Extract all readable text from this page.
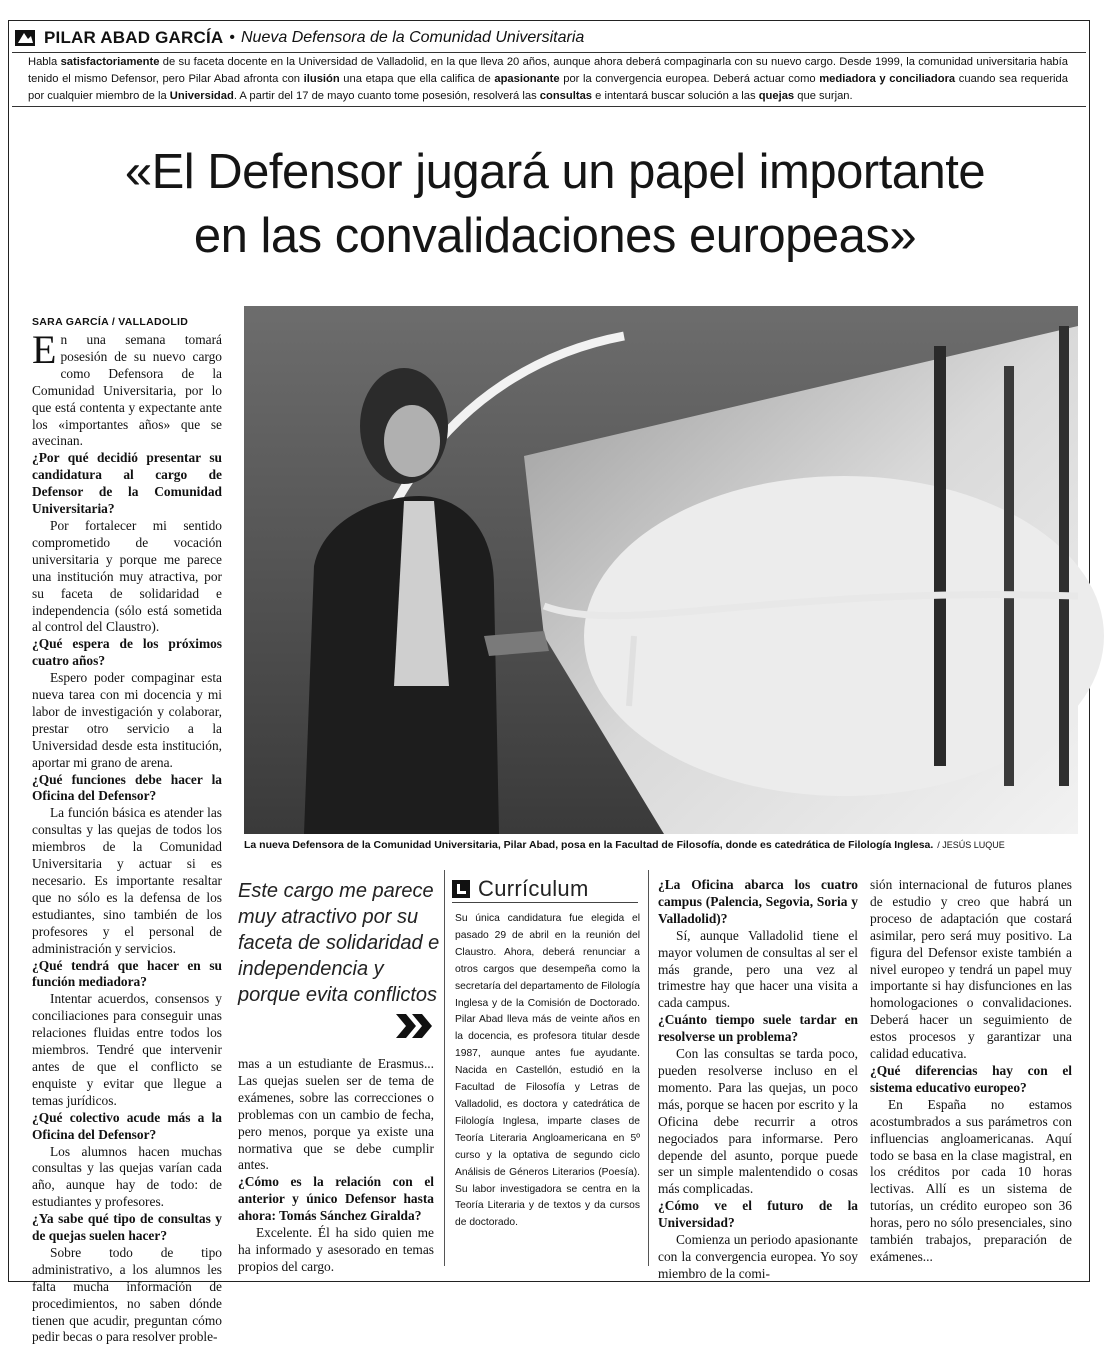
PILAR ABAD GARCÍA • Nueva Defensora de la Comunidad Universitaria
Habla satisfactoriamente de su faceta docente en la Universidad de Valladolid, en la que lleva 20 años, aunque ahora deberá compaginarla con su nuevo cargo. Desde 1999, la comunidad universitaria había tenido el mismo Defensor, pero Pilar Abad afronta con ilusión una etapa que ella califica de apasionante por la convergencia europea. Deberá actuar como mediadora y conciliadora cuando sea requerida por cualquier miembro de la Universidad. A partir del 17 de mayo cuanto tome posesión, resolverá las consultas e intentará buscar solución a las quejas que surjan.
«El Defensor jugará un papel importante
en las convalidaciones europeas»
SARA GARCÍA / VALLADOLID

En una semana tomará posesión de su nuevo cargo como Defensora de la Comunidad Universitaria, por lo que está contenta y expectante ante los «importantes años» que se avecinan.

¿Por qué decidió presentar su candidatura al cargo de Defensor de la Comunidad Universitaria?

Por fortalecer mi sentido comprometido de vocación universitaria y porque me parece una institución muy atractiva, por su faceta de solidaridad e independencia (sólo está sometida al control del Claustro).

¿Qué espera de los próximos cuatro años?

Espero poder compaginar esta nueva tarea con mi docencia y mi labor de investigación y colaborar, prestar otro servicio a la Universidad desde esta institución, aportar mi grano de arena.

¿Qué funciones debe hacer la Oficina del Defensor?

La función básica es atender las consultas y las quejas de todos los miembros de la Comunidad Universitaria y actuar si es necesario. Es importante resaltar que no sólo es la defensa de los estudiantes, sino también de los profesores y el personal de administración y servicios.

¿Qué tendrá que hacer en su función mediadora?

Intentar acuerdos, consensos y conciliaciones para conseguir unas relaciones fluidas entre todos los miembros. Tendré que intervenir antes de que el conflicto se enquiste y evitar que llegue a temas jurídicos.

¿Qué colectivo acude más a la Oficina del Defensor?

Los alumnos hacen muchas consultas y las quejas varían cada año, aunque hay de todo: de estudiantes y profesores.

¿Ya sabe qué tipo de consultas y de quejas suelen hacer?

Sobre todo de tipo administrativo, a los alumnos les falta mucha información de procedimientos, no saben dónde tienen que acudir, preguntan cómo pedir becas o para resolver proble-

La nueva Defensora de la Comunidad Universitaria, Pilar Abad, posa en la Facultad de Filosofía, donde es catedrática de Filología Inglesa. / JESÚS LUQUE
Este cargo me parece muy atractivo por su faceta de solidaridad e independencia y porque evita conflictos

mas a un estudiante de Erasmus... Las quejas suelen ser de tema de exámenes, sobre las correcciones o problemas con un cambio de fecha, pero menos, porque ya existe una normativa que se debe cumplir antes.

¿Cómo es la relación con el anterior y único Defensor hasta ahora: Tomás Sánchez Giralda?

Excelente. Él ha sido quien me ha informado y asesorado en temas propios del cargo.

Currículum
Su única candidatura fue elegida el pasado 29 de abril en la reunión del Claustro. Ahora, deberá renunciar a otros cargos que desempeña como la secretaría del departamento de Filología Inglesa y de la Comisión de Doctorado. Pilar Abad lleva más de veinte años en la docencia, es profesora titular desde 1987, aunque antes fue ayudante. Nacida en Castellón, estudió en la Facultad de Filosofía y Letras de Valladolid, es doctora y catedrática de Filología Inglesa, imparte clases de Teoría Literaria Angloamericana en 5º curso y la optativa de segundo ciclo Análisis de Géneros Literarios (Poesía). Su labor investigadora se centra en la Teoría Literaria y de textos y da cursos de doctorado.

¿La Oficina abarca los cuatro campus (Palencia, Segovia, Soria y Valladolid)?

Sí, aunque Valladolid tiene el mayor volumen de consultas al ser el más grande, pero una vez al trimestre hay que hacer una visita a cada campus.

¿Cuánto tiempo suele tardar en resolverse un problema?

Con las consultas se tarda poco, pueden resolverse incluso en el momento. Para las quejas, un poco más, porque se hacen por escrito y la Oficina debe recurrir a otros negociados para informarse. Pero depende del asunto, porque puede ser un simple malentendido o cosas más complicadas.

¿Cómo ve el futuro de la Universidad?

Comienza un periodo apasionante con la convergencia europea. Yo soy miembro de la comi-

sión internacional de futuros planes de estudio y creo que habrá un proceso de adaptación que costará asimilar, pero será muy positivo. La figura del Defensor existe también a nivel europeo y tendrá un papel muy importante si hay disfunciones en las homologaciones o convalidaciones. Deberá hacer un seguimiento de estos procesos y garantizar una calidad educativa.

¿Qué diferencias hay con el sistema educativo europeo?

En España no estamos acostumbrados a sus parámetros con influencias angloamericanas. Aquí todo se basa en la clase magistral, en los créditos por cada 10 horas lectivas. Allí es un sistema de tutorías, un crédito europeo son 36 horas, pero no sólo presenciales, sino también trabajos, preparación de exámenes...
